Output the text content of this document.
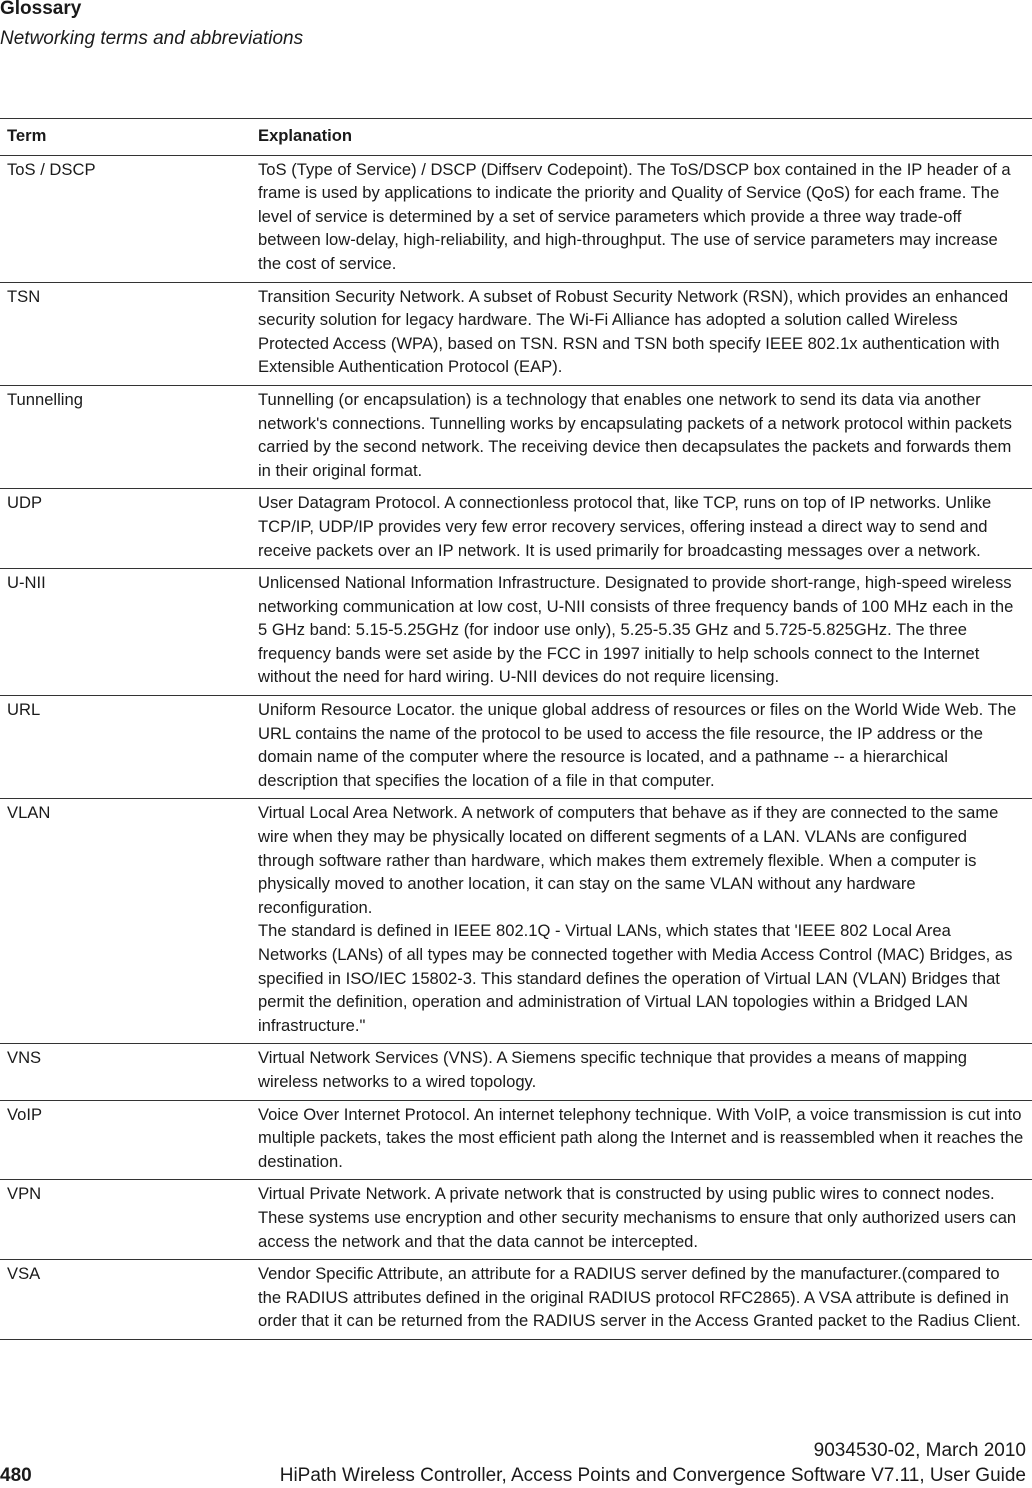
Glossary
Networking terms and abbreviations
Term	Explanation
ToS / DSCP	ToS (Type of Service) / DSCP (Diffserv Codepoint). The ToS/DSCP box contained in the IP header of a frame is used by applications to indicate the priority and Quality of Service (QoS) for each frame. The level of service is determined by a set of service parameters which provide a three way trade-off between low-delay, high-reliability, and high-throughput. The use of service parameters may increase the cost of service.

TSN	Transition Security Network. A subset of Robust Security Network (RSN), which provides an enhanced security solution for legacy hardware. The Wi-Fi Alliance has adopted a solution called Wireless Protected Access (WPA), based on TSN. RSN and TSN both specify IEEE 802.1x authentication with Extensible Authentication Protocol (EAP).

Tunnelling	Tunnelling (or encapsulation) is a technology that enables one network to send its data via another network's connections. Tunnelling works by encapsulating packets of a network protocol within packets carried by the second network. The receiving device then decapsulates the packets and forwards them in their original format.

UDP	User Datagram Protocol. A connectionless protocol that, like TCP, runs on top of IP networks. Unlike TCP/IP, UDP/IP provides very few error recovery services, offering instead a direct way to send and receive packets over an IP network. It is used primarily for broadcasting messages over a network.

U-NII	Unlicensed National Information Infrastructure. Designated to provide short-range, high-speed wireless networking communication at low cost, U-NII consists of three frequency bands of 100 MHz each in the 5 GHz band: 5.15-5.25GHz (for indoor use only), 5.25-5.35 GHz and 5.725-5.825GHz. The three frequency bands were set aside by the FCC in 1997 initially to help schools connect to the Internet without the need for hard wiring. U-NII devices do not require licensing.

URL	Uniform Resource Locator. the unique global address of resources or files on the World Wide Web. The URL contains the name of the protocol to be used to access the file resource, the IP address or the domain name of the computer where the resource is located, and a pathname -- a hierarchical description that specifies the location of a file in that computer.

VLAN	Virtual Local Area Network. A network of computers that behave as if they are connected to the same wire when they may be physically located on different segments of a LAN. VLANs are configured through software rather than hardware, which makes them extremely flexible. When a computer is physically moved to another location, it can stay on the same VLAN without any hardware reconfiguration.

The standard is defined in IEEE 802.1Q - Virtual LANs, which states that 'IEEE 802 Local Area Networks (LANs) of all types may be connected together with Media Access Control (MAC) Bridges, as specified in ISO/IEC 15802-3. This standard defines the operation of Virtual LAN (VLAN) Bridges that permit the definition, operation and administration of Virtual LAN topologies within a Bridged LAN infrastructure."

VNS	Virtual Network Services (VNS). A Siemens specific technique that provides a means of mapping wireless networks to a wired topology.

VoIP	Voice Over Internet Protocol. An internet telephony technique. With VoIP, a voice transmission is cut into multiple packets, takes the most efficient path along the Internet and is reassembled when it reaches the destination.

VPN	Virtual Private Network. A private network that is constructed by using public wires to connect nodes. These systems use encryption and other security mechanisms to ensure that only authorized users can access the network and that the data cannot be intercepted.

VSA	Vendor Specific Attribute, an attribute for a RADIUS server defined by the manufacturer.(compared to the RADIUS attributes defined in the original RADIUS protocol RFC2865). A VSA attribute is defined in order that it can be returned from the RADIUS server in the Access Granted packet to the Radius Client.

9034530-02, March 2010
480	HiPath Wireless Controller, Access Points and Convergence Software V7.11, User Guide
